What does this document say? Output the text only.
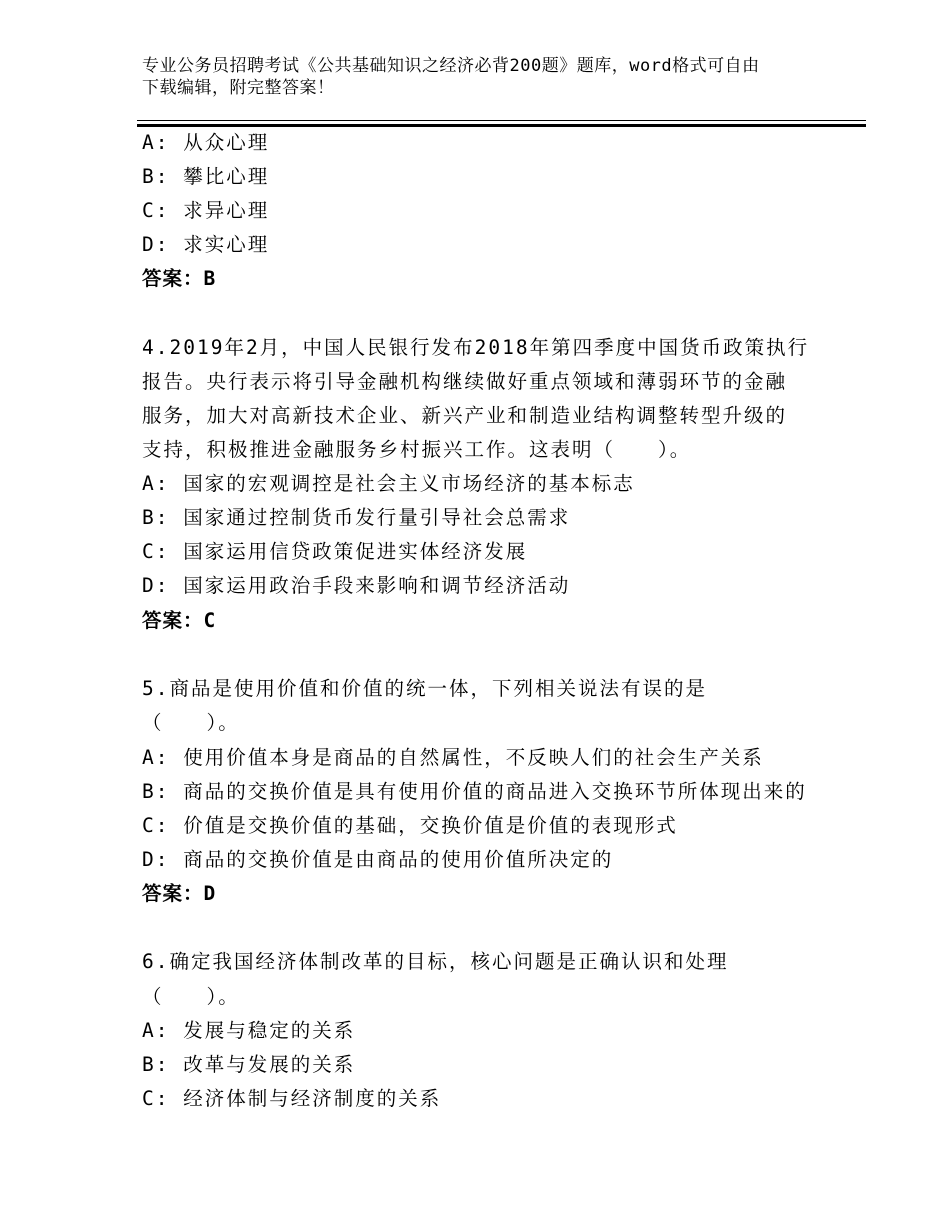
专业公务员招聘考试《公共基础知识之经济必背200题》题库，word格式可自由
下载编辑，附完整答案！
A: 从众心理
B: 攀比心理
C: 求异心理
D: 求实心理
答案：B
4.2019年2月，中国人民银行发布2018年第四季度中国货币政策执行
报告。央行表示将引导金融机构继续做好重点领域和薄弱环节的金融
服务，加大对高新技术企业、新兴产业和制造业结构调整转型升级的
支持，积极推进金融服务乡村振兴工作。这表明（　　）。
A: 国家的宏观调控是社会主义市场经济的基本标志
B: 国家通过控制货币发行量引导社会总需求
C: 国家运用信贷政策促进实体经济发展
D: 国家运用政治手段来影响和调节经济活动
答案：C
5.商品是使用价值和价值的统一体，下列相关说法有误的是
（　　）。
A: 使用价值本身是商品的自然属性，不反映人们的社会生产关系
B: 商品的交换价值是具有使用价值的商品进入交换环节所体现出来的
C: 价值是交换价值的基础，交换价值是价值的表现形式
D: 商品的交换价值是由商品的使用价值所决定的
答案：D
6.确定我国经济体制改革的目标，核心问题是正确认识和处理
（　　）。
A: 发展与稳定的关系
B: 改革与发展的关系
C: 经济体制与经济制度的关系
